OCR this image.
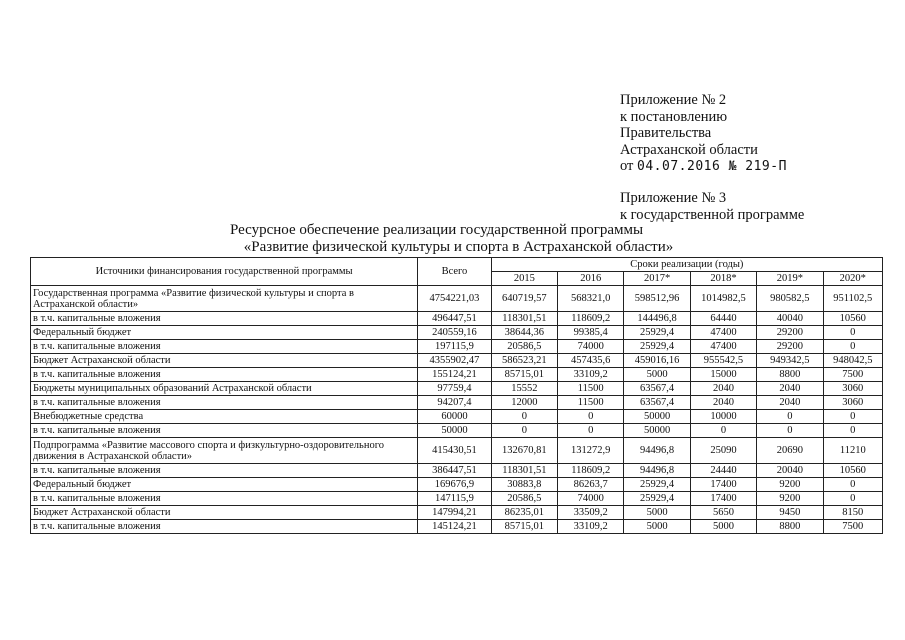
Приложение № 2
к постановлению
Правительства
Астраханской области
от 04.07.2016 № 219-П
Приложение № 3
к государственной программе
Ресурсное обеспечение реализации государственной программы
«Развитие физической культуры и спорта в Астраханской области»
Источники финансирования государственной программы	Всего	Сроки реализации (годы)					
		2015	2016	2017*	2018*	2019*	2020*
Государственная программа «Развитие физической культуры и спорта в Астраханской области»	4754221,03	640719,57	568321,0	598512,96	1014982,5	980582,5	951102,5
в т.ч. капитальные вложения	496447,51	118301,51	118609,2	144496,8	64440	40040	10560
Федеральный бюджет	240559,16	38644,36	99385,4	25929,4	47400	29200	0
в т.ч. капитальные вложения	197115,9	20586,5	74000	25929,4	47400	29200	0
Бюджет Астраханской области	4355902,47	586523,21	457435,6	459016,16	955542,5	949342,5	948042,5
в т.ч. капитальные вложения	155124,21	85715,01	33109,2	5000	15000	8800	7500
Бюджеты муниципальных образований Астраханской области	97759,4	15552	11500	63567,4	2040	2040	3060
в т.ч. капитальные вложения	94207,4	12000	11500	63567,4	2040	2040	3060
Внебюджетные средства	60000	0	0	50000	10000	0	0
в т.ч. капитальные вложения	50000	0	0	50000	0	0	0
Подпрограмма «Развитие массового спорта и физкультурно-оздоровительного движения в Астраханской области»	415430,51	132670,81	131272,9	94496,8	25090	20690	11210
в т.ч. капитальные вложения	386447,51	118301,51	118609,2	94496,8	24440	20040	10560
Федеральный бюджет	169676,9	30883,8	86263,7	25929,4	17400	9200	0
в т.ч. капитальные вложения	147115,9	20586,5	74000	25929,4	17400	9200	0
Бюджет Астраханской области	147994,21	86235,01	33509,2	5000	5650	9450	8150
в т.ч. капитальные вложения	145124,21	85715,01	33109,2	5000	5000	8800	7500
